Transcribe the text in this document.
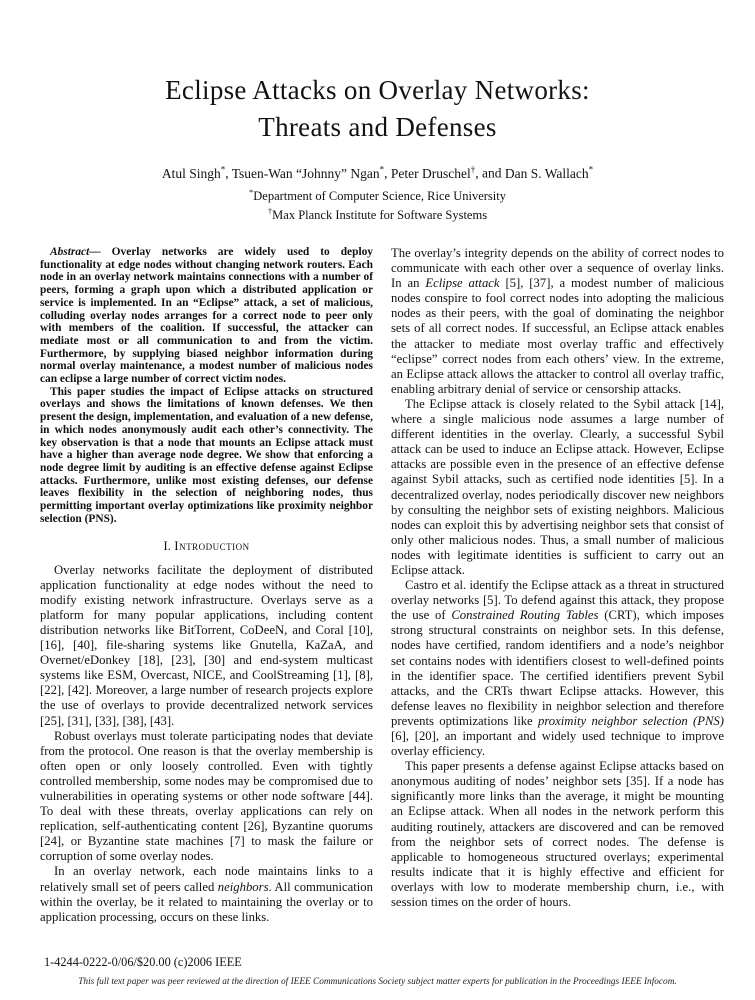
Eclipse Attacks on Overlay Networks:
Threats and Defenses
Atul Singh*, Tsuen-Wan “Johnny” Ngan*, Peter Druschel†, and Dan S. Wallach*
*Department of Computer Science, Rice University
†Max Planck Institute for Software Systems

Abstract— Overlay networks are widely used to deploy functionality at edge nodes without changing network routers. Each node in an overlay network maintains connections with a number of peers, forming a graph upon which a distributed application or service is implemented. In an “Eclipse” attack, a set of malicious, colluding overlay nodes arranges for a correct node to peer only with members of the coalition. If successful, the attacker can mediate most or all communication to and from the victim. Furthermore, by supplying biased neighbor information during normal overlay maintenance, a modest number of malicious nodes can eclipse a large number of correct victim nodes.

This paper studies the impact of Eclipse attacks on structured overlays and shows the limitations of known defenses. We then present the design, implementation, and evaluation of a new defense, in which nodes anonymously audit each other’s connectivity. The key observation is that a node that mounts an Eclipse attack must have a higher than average node degree. We show that enforcing a node degree limit by auditing is an effective defense against Eclipse attacks. Furthermore, unlike most existing defenses, our defense leaves flexibility in the selection of neighboring nodes, thus permitting important overlay optimizations like proximity neighbor selection (PNS).

I. Introduction

Overlay networks facilitate the deployment of distributed application functionality at edge nodes without the need to modify existing network infrastructure. Overlays serve as a platform for many popular applications, including content distribution networks like BitTorrent, CoDeeN, and Coral [10], [16], [40], file-sharing systems like Gnutella, KaZaA, and Overnet/eDonkey [18], [23], [30] and end-system multicast systems like ESM, Overcast, NICE, and CoolStreaming [1], [8], [22], [42]. Moreover, a large number of research projects explore the use of overlays to provide decentralized network services [25], [31], [33], [38], [43].

Robust overlays must tolerate participating nodes that deviate from the protocol. One reason is that the overlay membership is often open or only loosely controlled. Even with tightly controlled membership, some nodes may be compromised due to vulnerabilities in operating systems or other node software [44]. To deal with these threats, overlay applications can rely on replication, self-authenticating content [26], Byzantine quorums [24], or Byzantine state machines [7] to mask the failure or corruption of some overlay nodes.

In an overlay network, each node maintains links to a relatively small set of peers called neighbors. All communication within the overlay, be it related to maintaining the overlay or to application processing, occurs on these links.

The overlay’s integrity depends on the ability of correct nodes to communicate with each other over a sequence of overlay links. In an Eclipse attack [5], [37], a modest number of malicious nodes conspire to fool correct nodes into adopting the malicious nodes as their peers, with the goal of dominating the neighbor sets of all correct nodes. If successful, an Eclipse attack enables the attacker to mediate most overlay traffic and effectively “eclipse” correct nodes from each others’ view. In the extreme, an Eclipse attack allows the attacker to control all overlay traffic, enabling arbitrary denial of service or censorship attacks.

The Eclipse attack is closely related to the Sybil attack [14], where a single malicious node assumes a large number of different identities in the overlay. Clearly, a successful Sybil attack can be used to induce an Eclipse attack. However, Eclipse attacks are possible even in the presence of an effective defense against Sybil attacks, such as certified node identities [5]. In a decentralized overlay, nodes periodically discover new neighbors by consulting the neighbor sets of existing neighbors. Malicious nodes can exploit this by advertising neighbor sets that consist of only other malicious nodes. Thus, a small number of malicious nodes with legitimate identities is sufficient to carry out an Eclipse attack.

Castro et al. identify the Eclipse attack as a threat in structured overlay networks [5]. To defend against this attack, they propose the use of Constrained Routing Tables (CRT), which imposes strong structural constraints on neighbor sets. In this defense, nodes have certified, random identifiers and a node’s neighbor set contains nodes with identifiers closest to well-defined points in the identifier space. The certified identifiers prevent Sybil attacks, and the CRTs thwart Eclipse attacks. However, this defense leaves no flexibility in neighbor selection and therefore prevents optimizations like proximity neighbor selection (PNS) [6], [20], an important and widely used technique to improve overlay efficiency.

This paper presents a defense against Eclipse attacks based on anonymous auditing of nodes’ neighbor sets [35]. If a node has significantly more links than the average, it might be mounting an Eclipse attack. When all nodes in the network perform this auditing routinely, attackers are discovered and can be removed from the neighbor sets of correct nodes. The defense is applicable to homogeneous structured overlays; experimental results indicate that it is highly effective and efficient for overlays with low to moderate membership churn, i.e., with session times on the order of hours.

1-4244-0222-0/06/$20.00 (c)2006 IEEE
This full text paper was peer reviewed at the direction of IEEE Communications Society subject matter experts for publication in the Proceedings IEEE Infocom.
